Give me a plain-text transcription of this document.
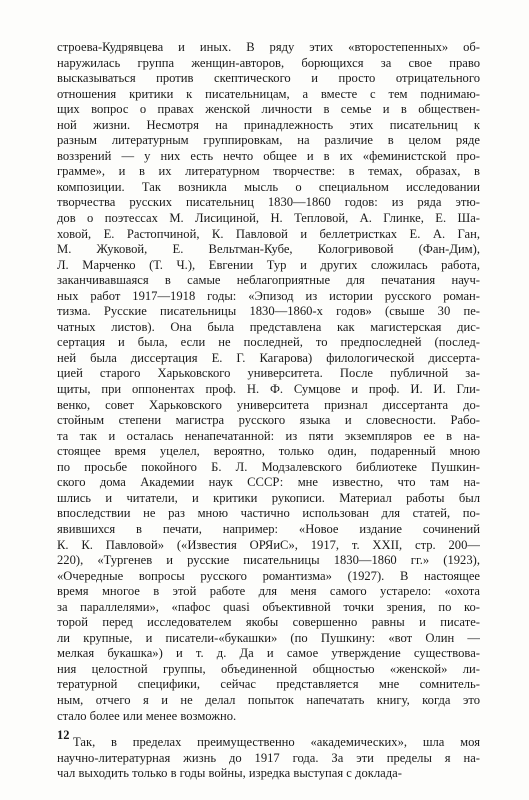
строева-Кудрявцева и иных. В ряду этих «второстепенных» об-
наружилась группа женщин-авторов, борющихся за свое право
высказываться против скептического и просто отрицательного
отношения критики к писательницам, а вместе с тем поднимаю-
щих вопрос о правах женской личности в семье и в обществен-
ной жизни. Несмотря на принадлежность этих писательниц к
разным литературным группировкам, на различие в целом ряде
воззрений — у них есть нечто общее и в их «феминистской про-
грамме», и в их литературном творчестве: в темах, образах, в
композиции. Так возникла мысль о специальном исследовании
творчества русских писательниц 1830—1860 годов: из ряда этю-
дов о поэтессах М. Лисициной, Н. Тепловой, А. Глинке, Е. Ша-
ховой, Е. Растопчиной, К. Павловой и беллетристках Е. А. Ган,
М. Жуковой, Е. Вельтман-Кубе, Кологривовой (Фан-Дим),
Л. Марченко (Т. Ч.), Евгении Тур и других сложилась работа,
заканчивавшаяся в самые неблагоприятные для печатания науч-
ных работ 1917—1918 годы: «Эпизод из истории русского роман-
тизма. Русские писательницы 1830—1860-х годов» (свыше 30 пе-
чатных листов). Она была представлена как магистерская дис-
сертация и была, если не последней, то предпоследней (послед-
ней была диссертация Е. Г. Кагарова) филологической диссерта-
цией старого Харьковского университета. После публичной за-
щиты, при оппонентах проф. Н. Ф. Сумцове и проф. И. И. Гли-
венко, совет Харьковского университета признал диссертанта до-
стойным степени магистра русского языка и словесности. Рабо-
та так и осталась ненапечатанной: из пяти экземпляров ее в на-
стоящее время уцелел, вероятно, только один, подаренный мною
по просьбе покойного Б. Л. Модзалевского библиотеке Пушкин-
ского дома Академии наук СССР: мне известно, что там на-
шлись и читатели, и критики рукописи. Материал работы был
впоследствии не раз мною частично использован для статей, по-
явившихся в печати, например: «Новое издание сочинений
К. К. Павловой» («Известия ОРЯиС», 1917, т. XXII, стр. 200—
220), «Тургенев и русские писательницы 1830—1860 гг.» (1923),
«Очередные вопросы русского романтизма» (1927). В настоящее
время многое в этой работе для меня самого устарело: «охота
за параллелями», «пафос quasi объективной точки зрения, по ко-
торой перед исследователем якобы совершенно равны и писате-
ли крупные, и писатели-«букашки» (по Пушкину: «вот Олин —
мелкая букашка») и т. д. Да и самое утверждение существова-
ния целостной группы, объединенной общностью «женской» ли-
тературной специфики, сейчас представляется мне сомнитель-
ным, отчего я и не делал попыток напечатать книгу, когда это
стало более или менее возможно.
Так, в пределах преимущественно «академических», шла моя
научно-литературная жизнь до 1917 года. За эти пределы я на-
чал выходить только в годы войны, изредка выступая с доклада-
12
